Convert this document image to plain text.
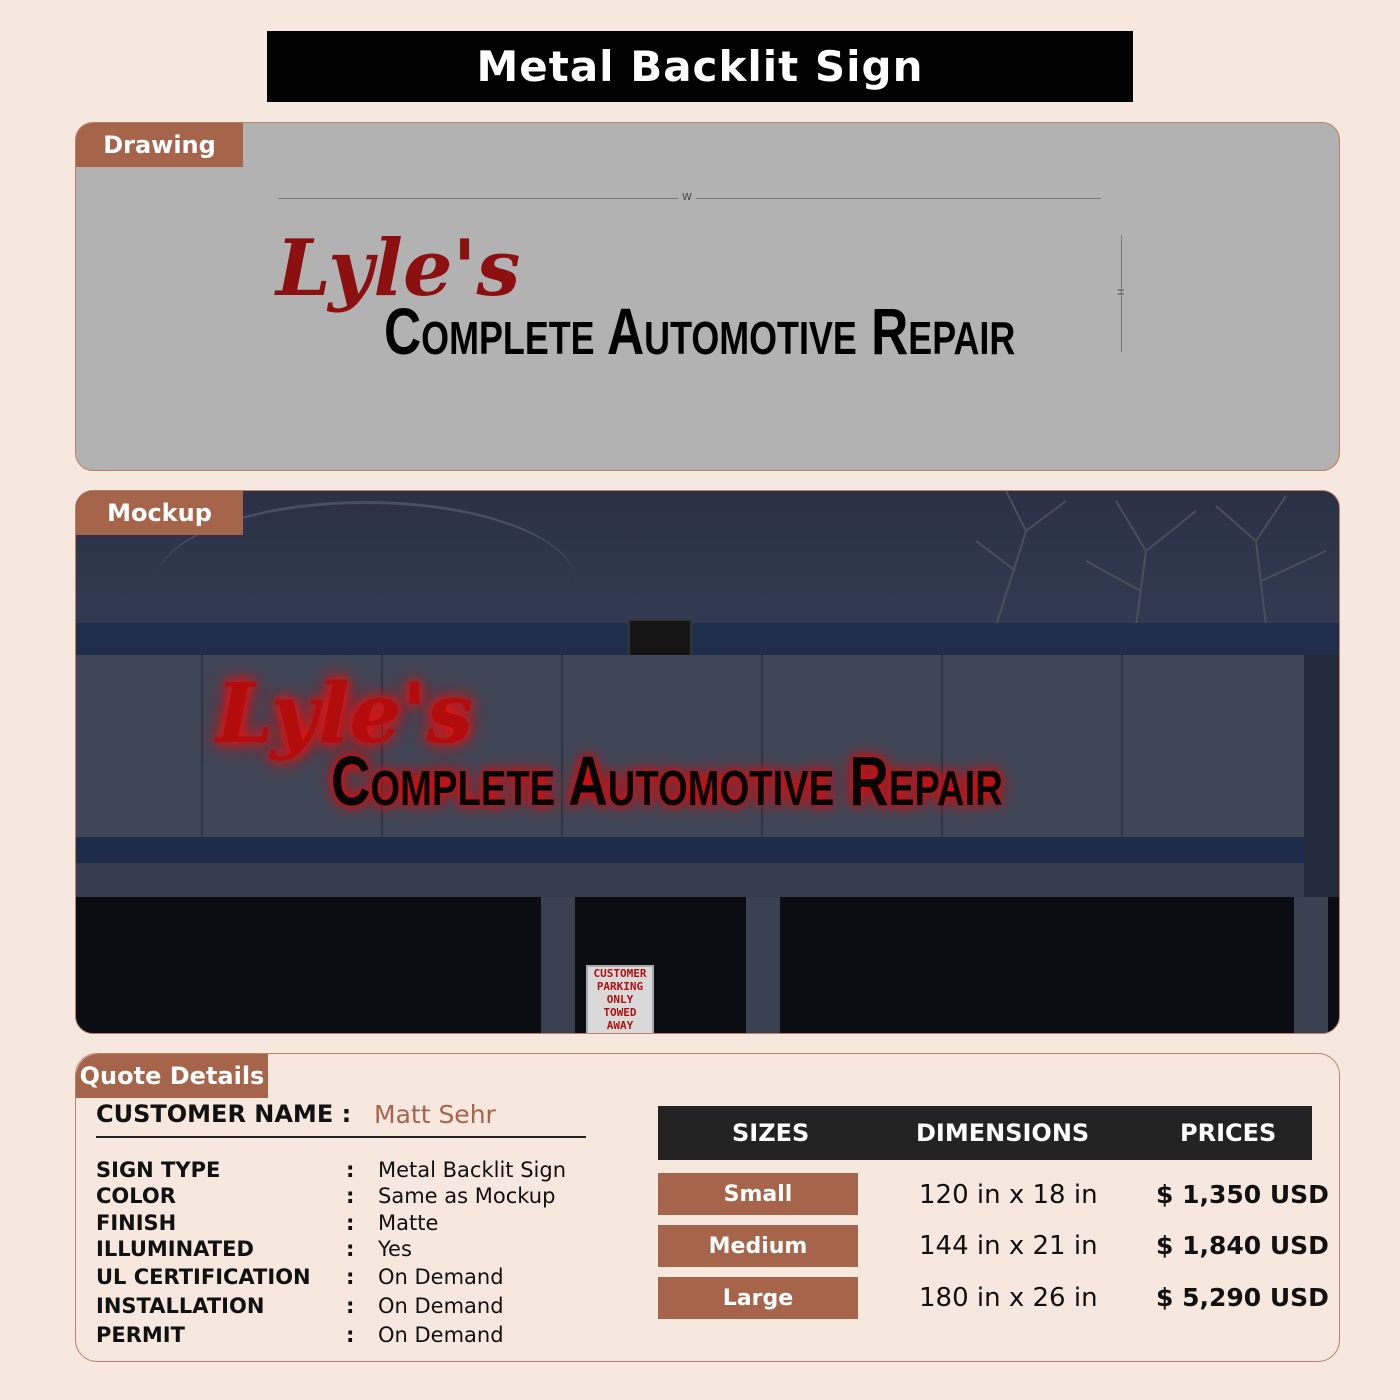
Metal Backlit Sign
Drawing
W
H
Lyle's
Complete Automotive Repair
CUSTOMER
PARKING
ONLY
TOWED AWAY
Lyle's
Complete Automotive Repair
Mockup
Quote Details
CUSTOMER NAME : Matt Sehr
SIGN TYPE	: Metal Backlit Sign
COLOR	: Same as Mockup
FINISH	: Matte
ILLUMINATED	: Yes
UL CERTIFICATION : On Demand
INSTALLATION	: On Demand
PERMIT	: On Demand
SIZES	DIMENSIONS	PRICES
Small	120 in x 18 in $ 1,350 USD
Medium	144 in x 21 in $ 1,840 USD
Large	180 in x 26 in $ 5,290 USD
